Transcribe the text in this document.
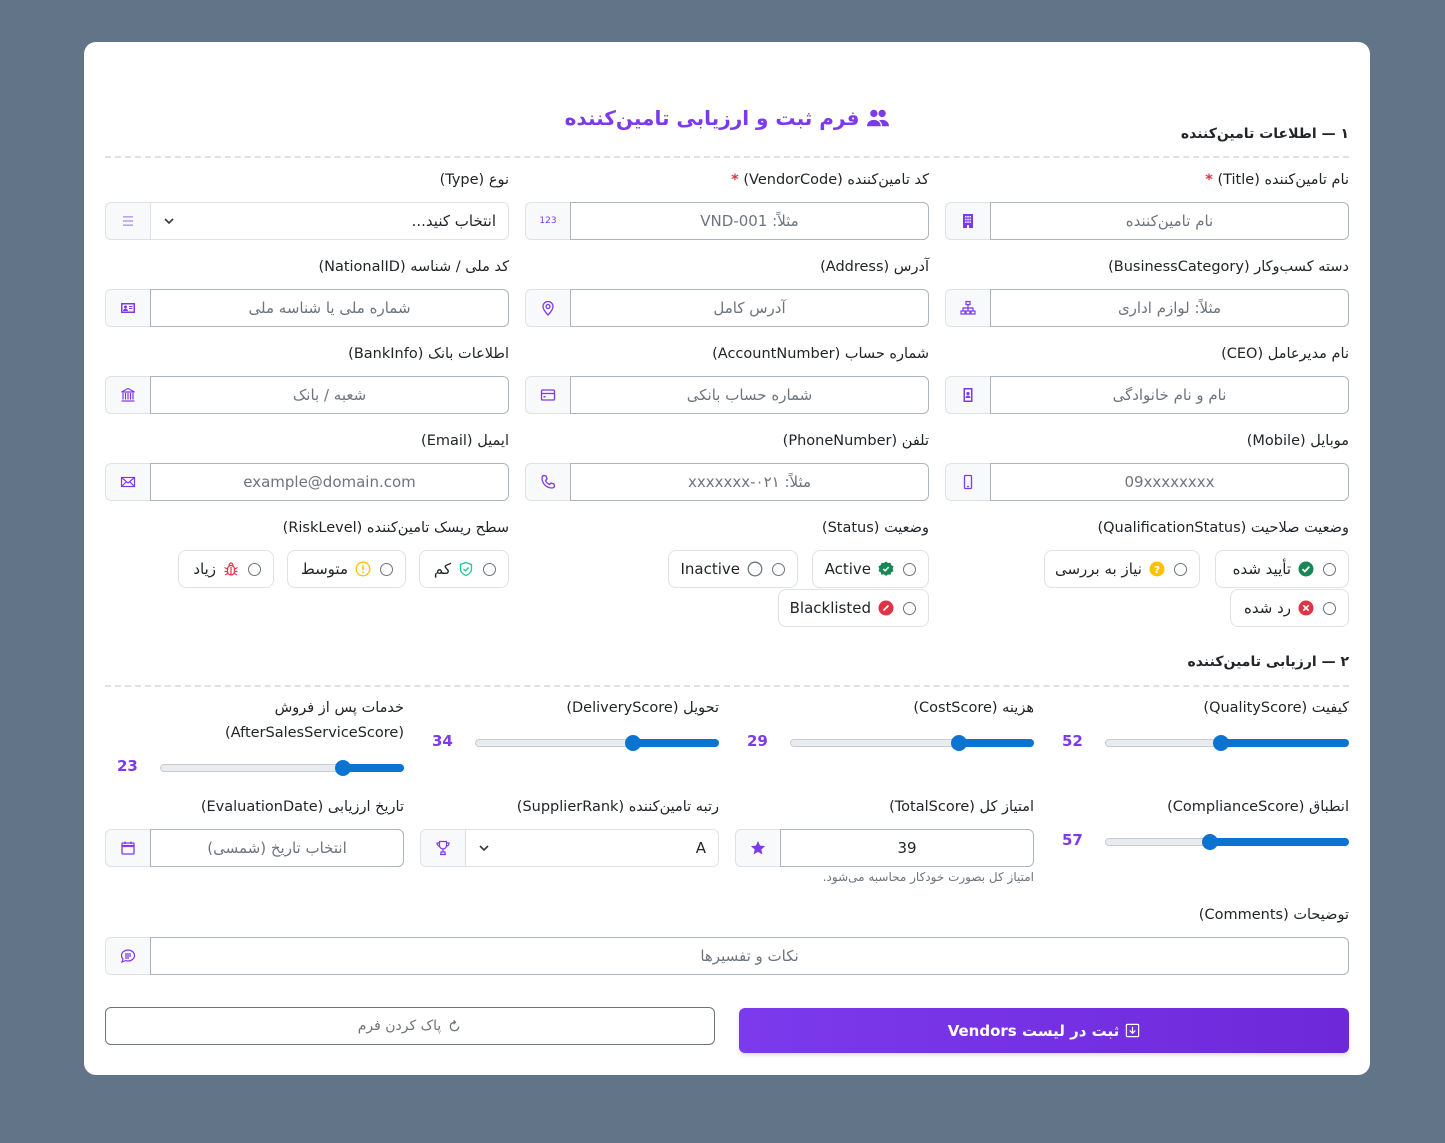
فرم ثبت و ارزیابی تامین‌کننده
۱ — اطلاعات تامین‌کننده
نام تامین‌کننده (Title) *
نام تامین‌کننده
کد تامین‌کننده (VendorCode) *
123	مثلاً: VND-001
نوع (Type)
انتخاب کنید...
دسته کسب‌وکار (BusinessCategory)
مثلاً: لوازم اداری
آدرس (Address)
آدرس کامل
کد ملی / شناسه (NationalID)
شماره ملی یا شناسه ملی
نام مدیرعامل (CEO)
نام و نام خانوادگی
شماره حساب (AccountNumber)
شماره حساب بانکی
اطلاعات بانک (BankInfo)
شعبه / بانک
موبایل (Mobile)
09xxxxxxxx
تلفن (PhoneNumber)
مثلاً: ۰۲۱-xxxxxxx
ایمیل (Email)
example@domain.com
وضعیت صلاحیت (QualificationStatus)
تأیید شده
?
نیاز به بررسی
رد شده
وضعیت (Status)
Active
Inactive
Blacklisted
سطح ریسک تامین‌کننده (RiskLevel)
کم
متوسط
زیاد
۲ — ارزیابی تامین‌کننده
کیفیت (QualityScore)
52
هزینه (CostScore)
29
تحویل (DeliveryScore)
34
خدمات پس از فروش
(AfterSalesServiceScore)
23
انطباق (ComplianceScore)
57
امتیاز کل (TotalScore)
39
امتیاز کل بصورت خودکار محاسبه می‌شود.
رتبه تامین‌کننده (SupplierRank)
A
تاریخ ارزیابی (EvaluationDate)
انتخاب تاریخ (شمسی)
توضیحات (Comments)
نکات و تفسیرها
ثبت در لیست Vendors
پاک کردن فرم
